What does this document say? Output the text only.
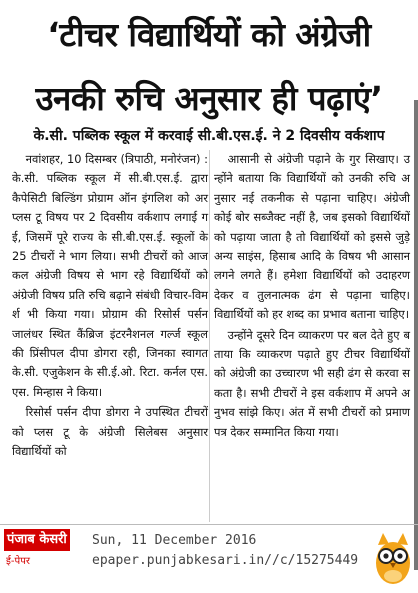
‘टीचर विद्यार्थियों को अंग्रेजी
उनकी रुचि अनुसार ही पढ़ाएं’
के.सी. पब्लिक स्कूल में करवाई सी.बी.एस.ई. ने 2 दिवसीय वर्कशाप

नवांशहर, 10 दिसम्बर (त्रिपाठी, मनोरंजन) : के.सी. पब्लिक स्कूल में सी.बी.एस.ई. द्वारा कैपेसिटी बिल्डिंग प्रोग्राम ऑन इंगलिश को अर प्लस टू विषय पर 2 दिवसीय वर्कशाप लगाई गई, जिसमें पूरे राज्य के सी.बी.एस.ई. स्कूलों के 25 टीचरों ने भाग लिया। सभी टीचरों को आजकल अंग्रेजी विषय से भाग रहे विद्यार्थियों को अंग्रेजी विषय प्रति रुचि बढ़ाने संबंधी विचार-विमर्श भी किया गया। प्रोग्राम की रिसोर्स पर्सन जालंधर स्थित कैंब्रिज इंटरनैशनल गर्ल्ज स्कूल की प्रिंसीपल दीपा डोगरा रही, जिनका स्वागत के.सी. एजुकेशन के सी.ई.ओ. रिटा. कर्नल एस.एस. मिन्हास ने किया।

रिसोर्स पर्सन दीपा डोगरा ने उपस्थित टीचरों को प्लस टू के अंग्रेजी सिलेबस अनुसार विद्यार्थियों को

आसानी से अंग्रेजी पढ़ाने के गुर सिखाए। उन्होंने बताया कि विद्यार्थियों को उनकी रुचि अनुसार नई तकनीक से पढ़ाना चाहिए। अंग्रेजी कोई बोर सब्जैक्ट नहीं है, जब इसको विद्यार्थियों को पढ़ाया जाता है तो विद्यार्थियों को इससे जुड़े अन्य साइंस, हिसाब आदि के विषय भी आसान लगने लगते हैं। हमेशा विद्यार्थियों को उदाहरण देकर व तुलनात्मक ढंग से पढ़ाना चाहिए। विद्यार्थियों को हर शब्द का प्रभाव बताना चाहिए।

उन्होंने दूसरे दिन व्याकरण पर बल देते हुए बताया कि व्याकरण पढ़ाते हुए टीचर विद्यार्थियों को अंग्रेजी का उच्चारण भी सही ढंग से करवा सकता है। सभी टीचरों ने इस वर्कशाप में अपने अनुभव सांझे किए। अंत में सभी टीचरों को प्रमाण पत्र देकर सम्मानित किया गया।

पंजाब केसरी
ई-पेपर
Sun, 11 December 2016
epaper.punjabkesari.in//c/15275449
